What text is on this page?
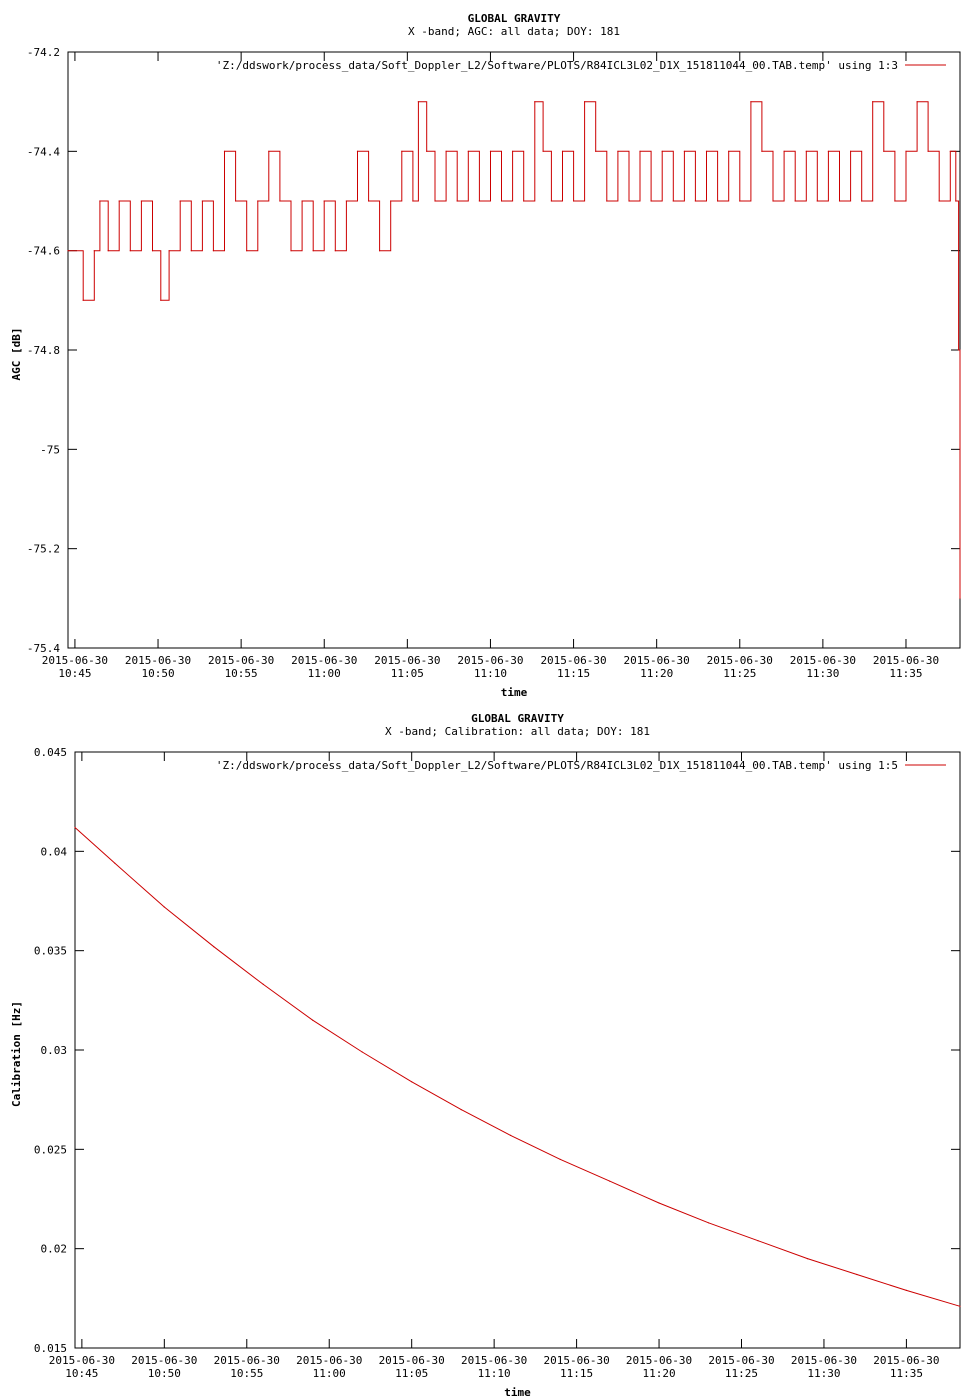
GLOBAL GRAVITY
X -band; AGC: all data; DOY: 181
-74.2
-74.4
-74.6
-74.8
-75
-75.2
-75.4
2015-06-30
10:45
2015-06-30
10:50
2015-06-30
10:55
2015-06-30
11:00
2015-06-30
11:05
2015-06-30
11:10
2015-06-30
11:15
2015-06-30
11:20
2015-06-30
11:25
2015-06-30
11:30
2015-06-30
11:35
time
AGC [dB]
'Z:/ddswork/process_data/Soft_Doppler_L2/Software/PLOTS/R84ICL3L02_D1X_151811044_00.TAB.temp' using 1:3
GLOBAL GRAVITY
X -band; Calibration: all data; DOY: 181
0.045
0.04
0.035
0.03
0.025
0.02
0.015
2015-06-30
10:45
2015-06-30
10:50
2015-06-30
10:55
2015-06-30
11:00
2015-06-30
11:05
2015-06-30
11:10
2015-06-30
11:15
2015-06-30
11:20
2015-06-30
11:25
2015-06-30
11:30
2015-06-30
11:35
time
Calibration [Hz]
'Z:/ddswork/process_data/Soft_Doppler_L2/Software/PLOTS/R84ICL3L02_D1X_151811044_00.TAB.temp' using 1:5
